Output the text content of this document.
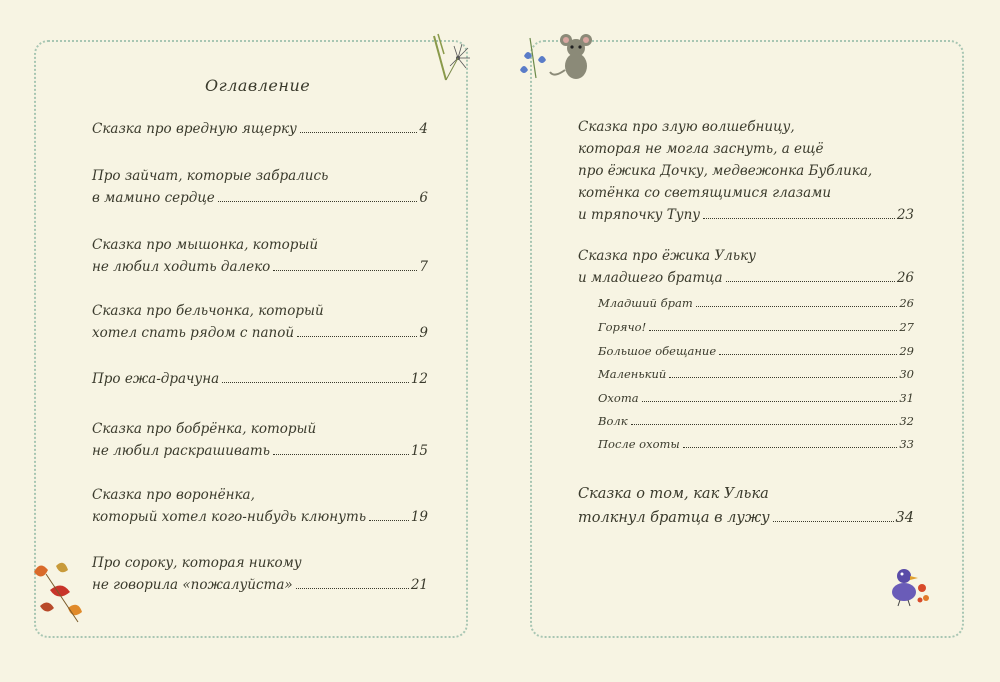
Оглавление
Сказка про вредную ящерку	4
Про зайчат, которые забрались
в мамино сердце	6
Сказка про мышонка, который
не любил ходить далеко	7
Сказка про бельчонка, который
хотел спать рядом с папой	9
Про ежа-драчуна	12
Сказка про бобрёнка, который
не любил раскрашивать	15
Сказка про воронёнка,
который хотел кого-нибудь клюнуть	19
Про сороку, которая никому
не говорила «пожалуйста»	21
Сказка про злую волшебницу,
которая не могла заснуть, а ещё
про ёжика Дочку, медвежонка Бублика,
котёнка со светящимися глазами
и тряпочку Тупу	23
Сказка про ёжика Ульку
и младшего братца	26
Младший брат	26
Горячо!	27
Большое обещание	29
Маленький	30
Охота	31
Волк	32
После охоты	33
Сказка о том, как Улька
толкнул братца в лужу	34
